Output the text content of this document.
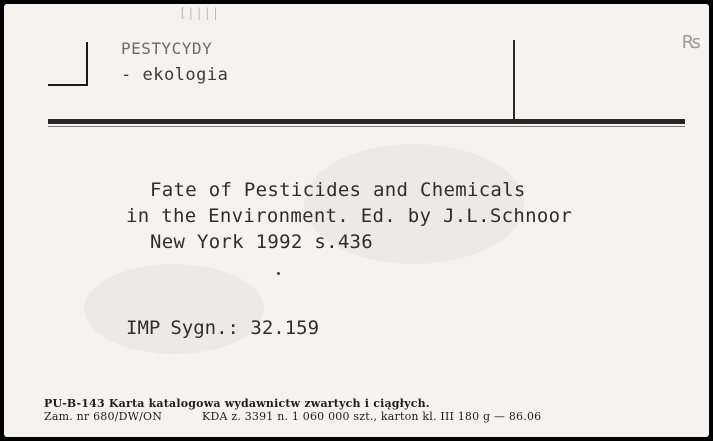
[||||
₨
PESTYCYDY
- ekologia
Fate of Pesticides and Chemicals
in the Environment. Ed. by J.L.Schnoor
New York 1992 s.436
IMP Sygn.: 32.159
PU-B-143 Karta katalogowa wydawnictw zwartych i ciągłych.
Zam. nr 680/DW/ON	KDA z. 3391 n. 1 060 000 szt., karton kl. III 180 g — 86.06
